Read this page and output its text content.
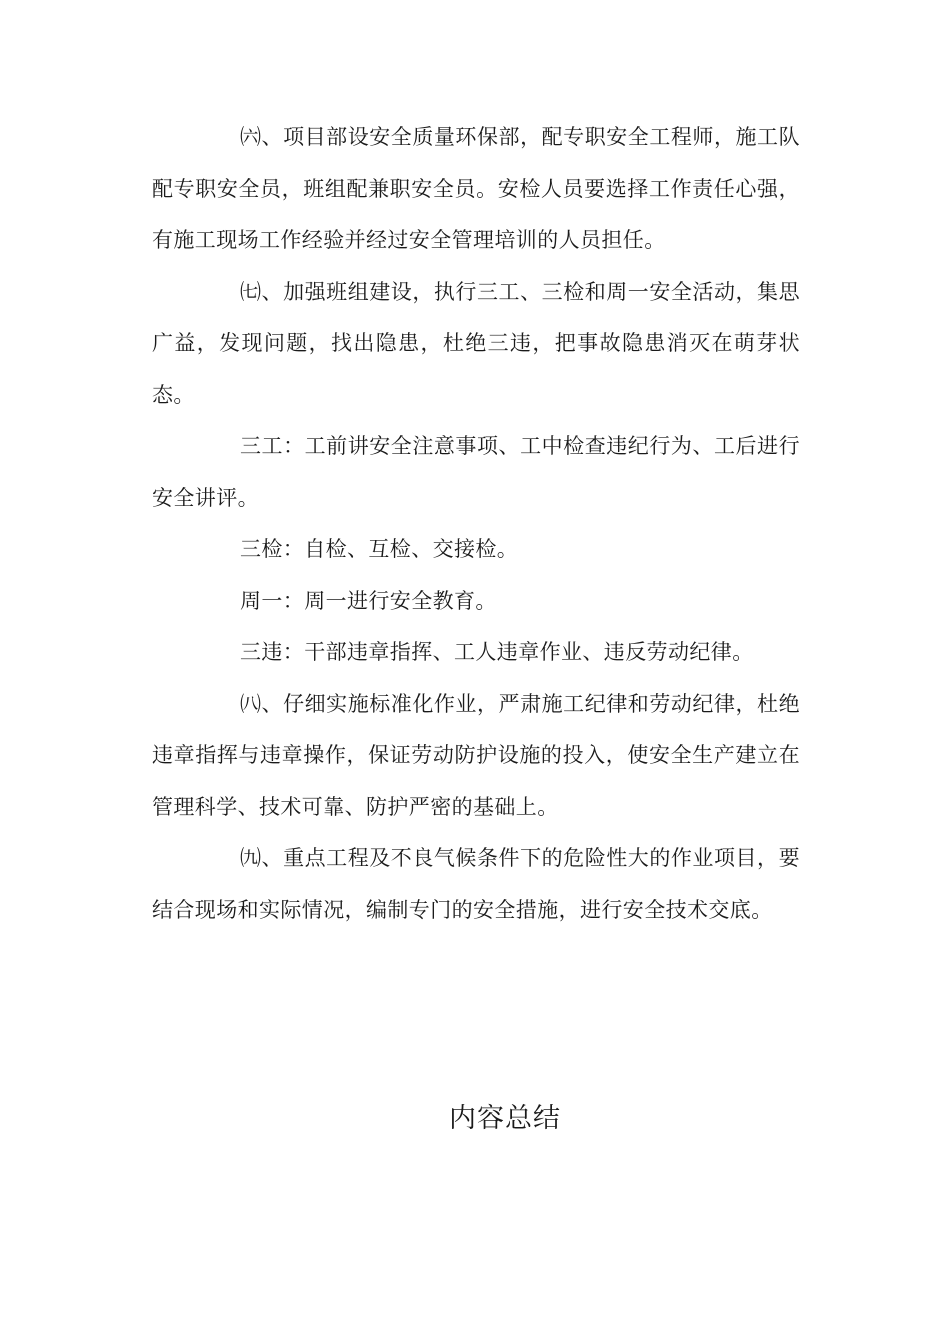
㈥、项目部设安全质量环保部，配专职安全工程师，施工队配专职安全员，班组配兼职安全员。安检人员要选择工作责任心强，有施工现场工作经验并经过安全管理培训的人员担任。

㈦、加强班组建设，执行三工、三检和周一安全活动，集思广益，发现问题，找出隐患，杜绝三违，把事故隐患消灭在萌芽状态。

三工：工前讲安全注意事项、工中检查违纪行为、工后进行安全讲评。

三检：自检、互检、交接检。

周一：周一进行安全教育。

三违：干部违章指挥、工人违章作业、违反劳动纪律。

㈧、仔细实施标准化作业，严肃施工纪律和劳动纪律，杜绝违章指挥与违章操作，保证劳动防护设施的投入，使安全生产建立在管理科学、技术可靠、防护严密的基础上。

㈨、重点工程及不良气候条件下的危险性大的作业项目，要结合现场和实际情况，编制专门的安全措施，进行安全技术交底。

内容总结
